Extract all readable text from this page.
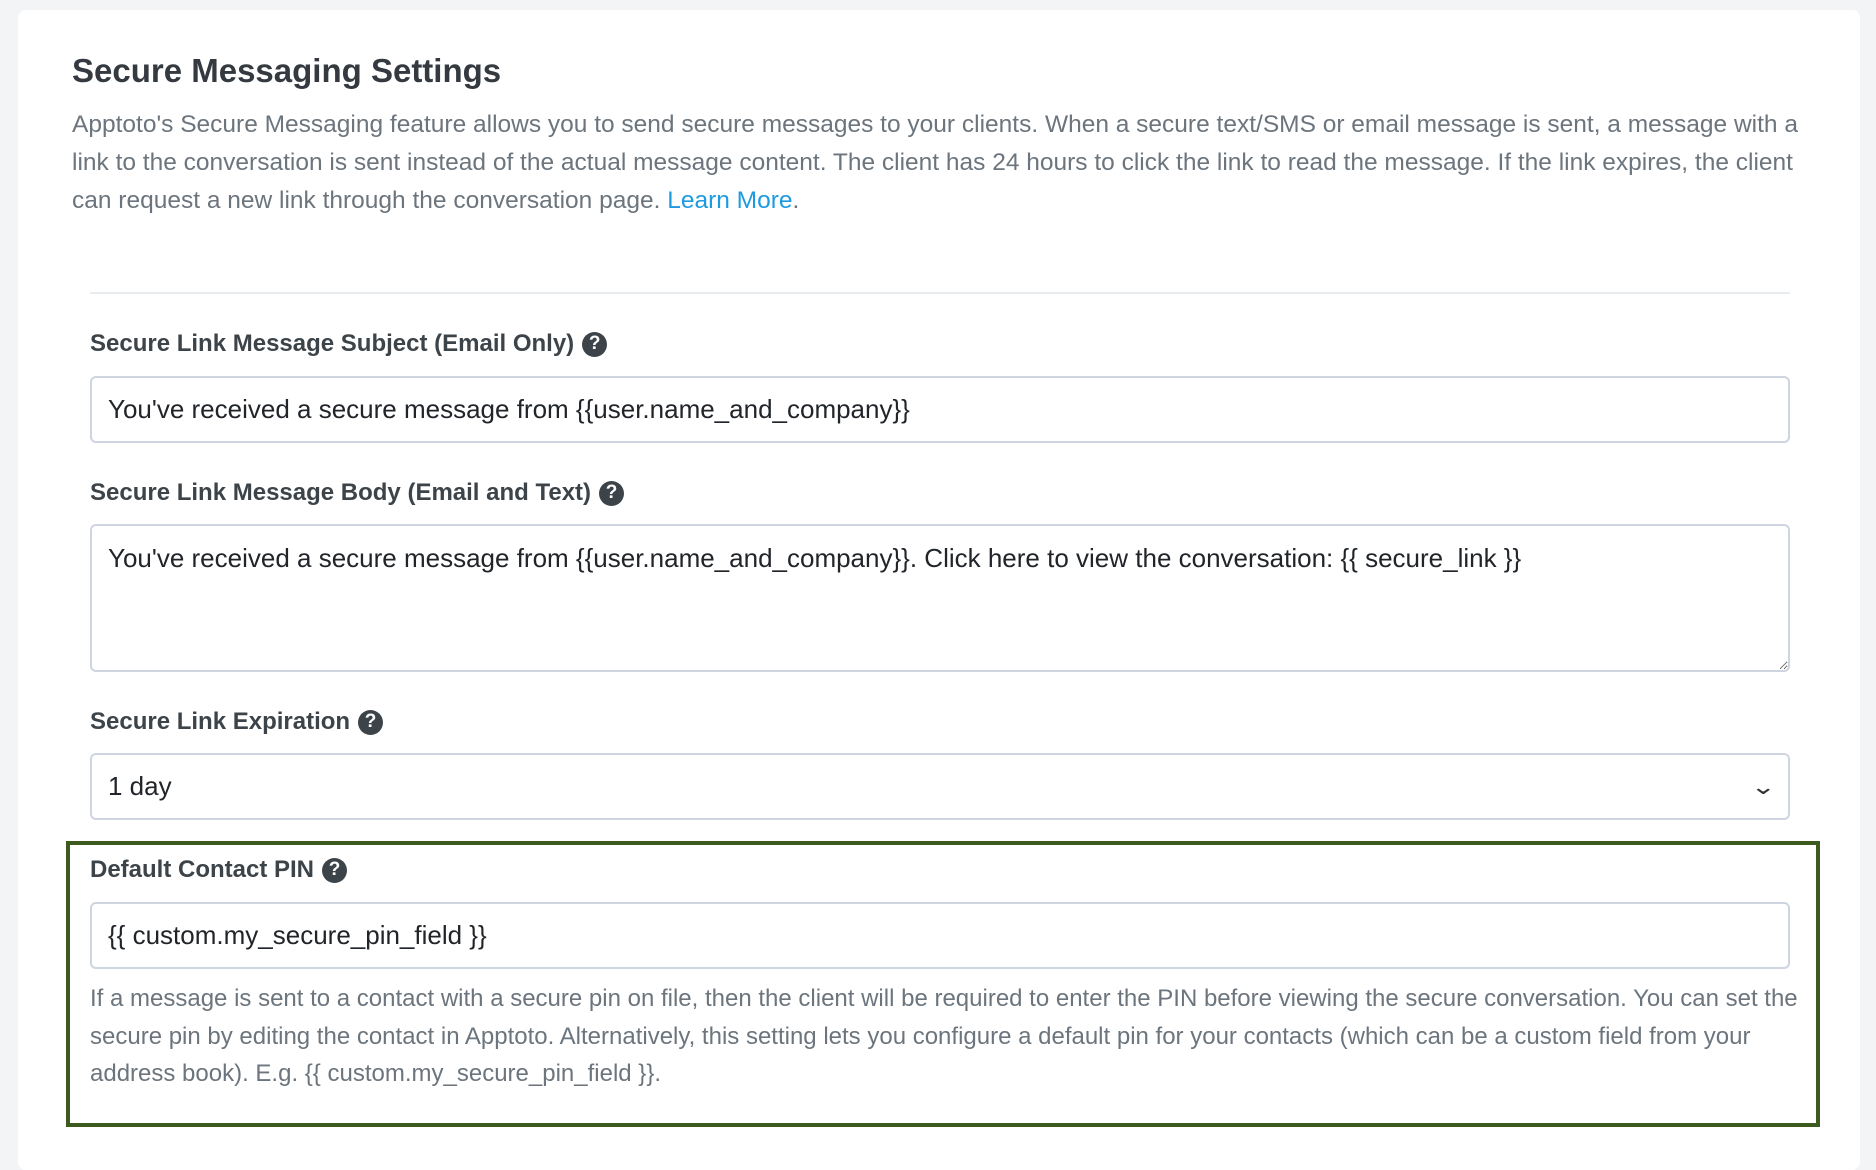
Secure Messaging Settings

Apptoto's Secure Messaging feature allows you to send secure messages to your clients. When a secure text/SMS or email message is sent, a message with a link to the conversation is sent instead of the actual message content. The client has 24 hours to click the link to read the message. If the link expires, the client can request a new link through the conversation page. Learn More.

Secure Link Message Subject (Email Only) ?
You've received a secure message from {{user.name_and_company}}
Secure Link Message Body (Email and Text) ?
You've received a secure message from {{user.name_and_company}}. Click here to view the conversation: {{ secure_link }}
Secure Link Expiration ?
1 day	⌄
Default Contact PIN ?
{{ custom.my_secure_pin_field }}

If a message is sent to a contact with a secure pin on file, then the client will be required to enter the PIN before viewing the secure conversation. You can set the secure pin by editing the contact in Apptoto. Alternatively, this setting lets you configure a default pin for your contacts (which can be a custom field from your address book). E.g. {{ custom.my_secure_pin_field }}.
